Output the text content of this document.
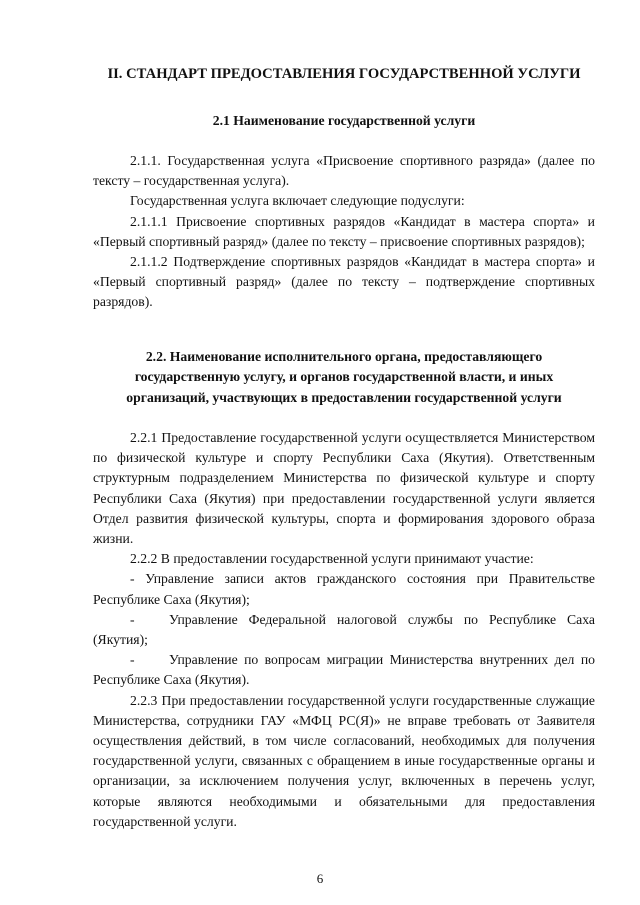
II. СТАНДАРТ ПРЕДОСТАВЛЕНИЯ ГОСУДАРСТВЕННОЙ УСЛУГИ
2.1 Наименование государственной услуги

2.1.1. Государственная услуга «Присвоение спортивного разряда» (далее по тексту – государственная услуга).

Государственная услуга включает следующие подуслуги:

2.1.1.1 Присвоение спортивных разрядов «Кандидат в мастера спорта» и «Первый спортивный разряд» (далее по тексту – присвоение спортивных разрядов);

2.1.1.2 Подтверждение спортивных разрядов «Кандидат в мастера спорта» и «Первый спортивный разряд» (далее по тексту – подтверждение спортивных разрядов).

2.2. Наименование исполнительного органа, предоставляющего
государственную услугу, и органов государственной власти, и иных
организаций, участвующих в предоставлении государственной услуги

2.2.1 Предоставление государственной услуги осуществляется Министерством по физической культуре и спорту Республики Саха (Якутия). Ответственным структурным подразделением Министерства по физической культуре и спорту Республики Саха (Якутия) при предоставлении государственной услуги является Отдел развития физической культуры, спорта и формирования здорового образа жизни.

2.2.2 В предоставлении государственной услуги принимают участие:

- Управление записи актов гражданского состояния при Правительстве Республике Саха (Якутия);

-	Управление Федеральной налоговой службы по Республике Саха (Якутия);

-	Управление по вопросам миграции Министерства внутренних дел по Республике Саха (Якутия).

2.2.3 При предоставлении государственной услуги государственные служащие Министерства, сотрудники ГАУ «МФЦ РС(Я)» не вправе требовать от Заявителя осуществления действий, в том числе согласований, необходимых для получения государственной услуги, связанных с обращением в иные государственные органы и организации, за исключением получения услуг, включенных в перечень услуг, которые являются необходимыми и обязательными для предоставления государственной услуги.

6
